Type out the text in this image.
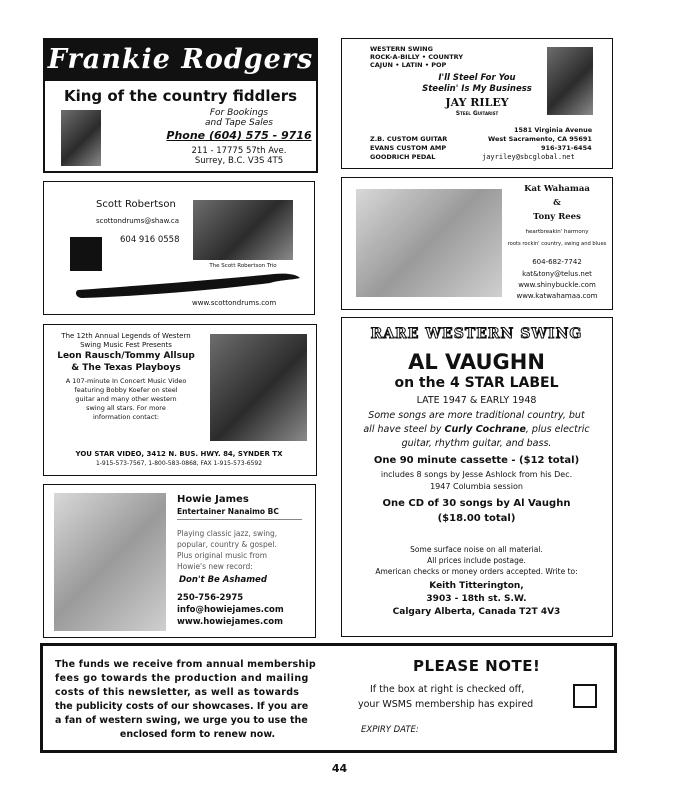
Frankie Rodgers
King of the country fiddlers
For Bookings
and Tape Sales
Phone (604) 575 - 9716
211 - 17775 57th Ave.
Surrey, B.C. V3S 4T5
WESTERN SWING
ROCK-A-BILLY • COUNTRY
CAJUN • LATIN • POP
I'll Steel For You
Steelin' Is My Business
JAY RILEY
Steel Guitarist
Z.B. CUSTOM GUITAR
EVANS CUSTOM AMP
GOODRICH PEDAL
1581 Virginia Avenue
West Sacramento, CA 95691
916-371-6454
jayriley@sbcglobal.net
Scott Robertson
scottondrums@shaw.ca
604 916 0558
The Scott Robertson Trio
www.scottondrums.com
Kat Wahamaa
&
Tony Rees
heartbreakin' harmony
roots rockin' country, swing and blues
604-682-7742
kat&tony@telus.net
www.shinybuckle.com
www.katwahamaa.com
The 12th Annual Legends of Western
Swing Music Fest Presents
Leon Rausch/Tommy Allsup
& The Texas Playboys
A 107-minute In Concert Music Video
featuring Bobby Koefer on steel
guitar and many other western
swing all stars. For more
information contact:
YOU STAR VIDEO, 3412 N. BUS. HWY. 84, SYNDER TX
1-915-573-7567, 1-800-583-0868, FAX 1-915-573-6592
RARE WESTERN SWING
AL VAUGHN
on the 4 STAR LABEL
LATE 1947 & EARLY 1948
Some songs are more traditional country, but
all have steel by Curly Cochrane, plus electric
guitar, rhythm guitar, and bass.
One 90 minute cassette - ($12 total)
includes 8 songs by Jesse Ashlock from his Dec.
1947 Columbia session
One CD of 30 songs by Al Vaughn
($18.00 total)
Some surface noise on all material.
All prices include postage.
American checks or money orders accepted. Write to:
Keith Titterington,
3903 - 18th st. S.W.
Calgary Alberta, Canada T2T 4V3
Howie James
Entertainer Nanaimo BC
Playing classic jazz, swing,
popular, country & gospel.
Plus original music from
Howie's new record:
Don't Be Ashamed
250-756-2975
info@howiejames.com
www.howiejames.com
The funds we receive from annual membership
fees go towards the production and mailing
costs of this newsletter, as well as towards
the publicity costs of our showcases. If you are
a fan of western swing, we urge you to use the
enclosed form to renew now.
PLEASE NOTE!
If the box at right is checked off,
your WSMS membership has expired
EXPIRY DATE:
44
